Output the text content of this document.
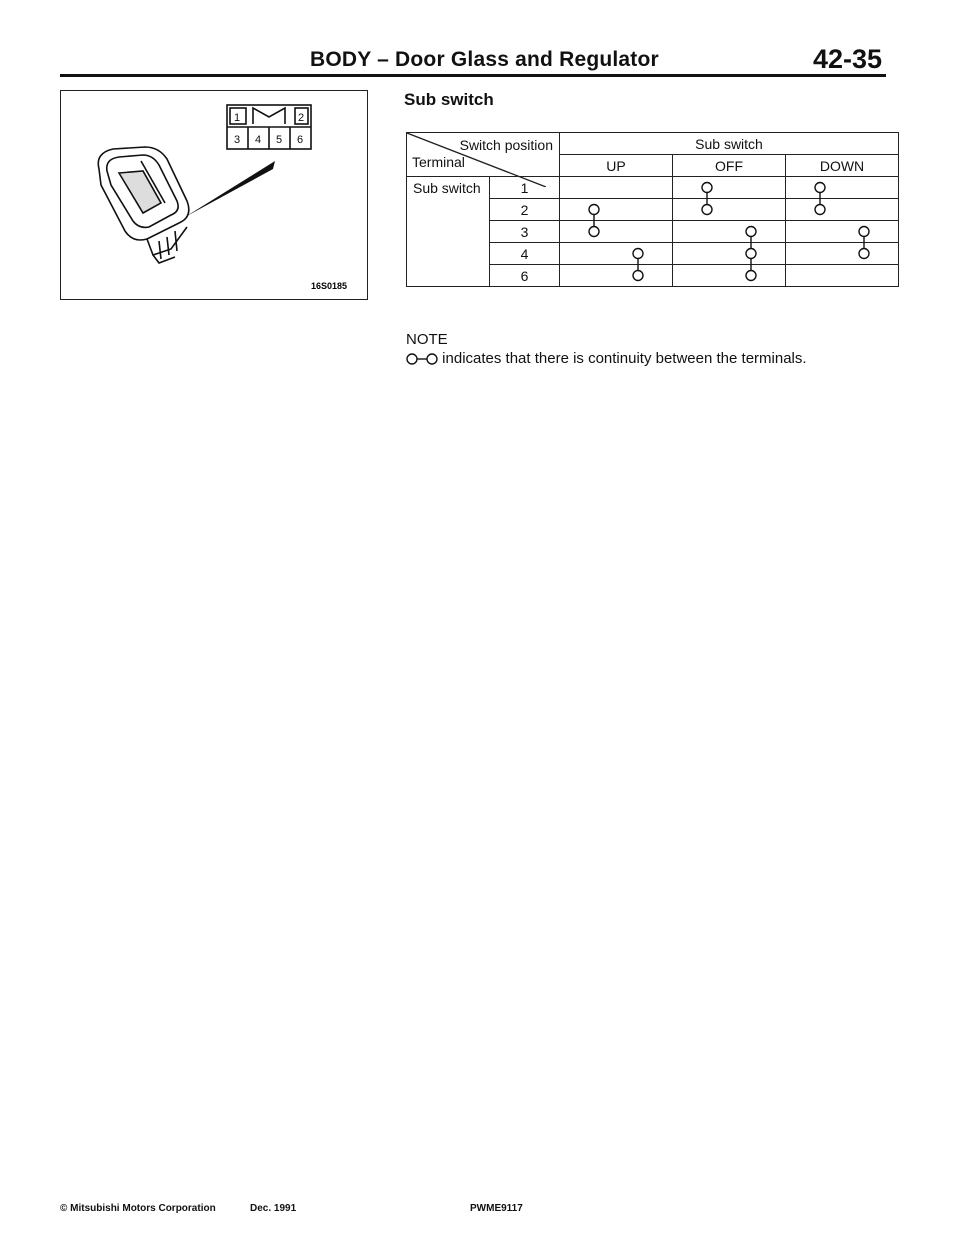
BODY – Door Glass and Regulator	42-35
1	2
3 4 5 6
16S0185
Sub switch
Switch position
Terminal		Sub switch		
		UP	OFF	DOWN
Sub switch	1			
	2			
	3			
	4			
	6			
NOTE
indicates that there is continuity between the terminals.
© Mitsubishi Motors Corporation	Dec. 1991	PWME9117
